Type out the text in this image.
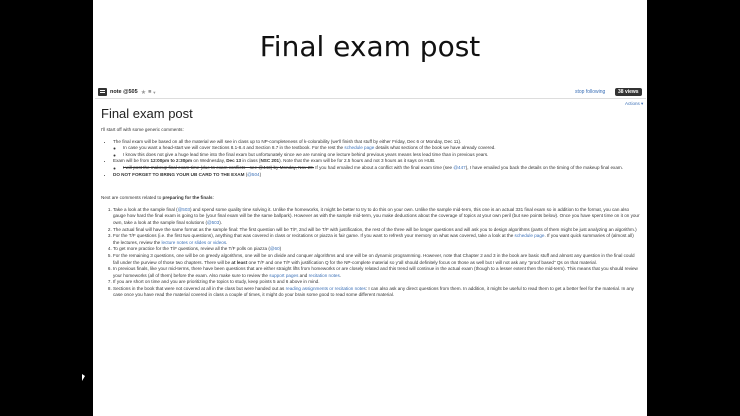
Final exam post
note @505 ★ ■ ▼	stop following	38 views
Actions ▾
Final exam post

I'll start off with some generic comments:

• The final exam will be based on all the material we will see in class up to NP-completeness of k-colorability (we'll finish that stuff by either Friday, Dec 6 or Monday, Dec 11).
◦ In case you want a head-start we will cover Sections 8.1-8.4 and Section 8.7 in the textbook. For the rest the schedule page details what sections of the book we have already covered.
◦ I know this does not give a huge lead time into the final exam but unfortunately since we are running one lecture behind previous years means less lead time than in previous years.
• Exam will be from 12:00pm to 2:30pm on Wednesday, Dec 13 in class (NSC 201). Note that the exam will be for 2.5 hours and not 3 hours as it says on HUB.
◦ I will post the makeup final exam time (due to exam conflicts-- see @443) by Monday, Nov 20. If you had emailed me about a conflict with the final exam time (see @447), I have emailed you back the details on the timing of the makeup final exam.
• DO NOT FORGET TO BRING YOUR UB CARD TO THE EXAM (@504)

Next are comments related to preparing for the finals:

1. Take a look at the sample final (@503) and spend some quality time solving it. Unlike the homeworks, it might be better to try to do this on your own. Unlike the sample mid-term, this one is an actual 331 final exam so in addition to the format, you can also gauge how hard the final exam is going to be (your final exam will be the same ballpark). However as with the sample mid-term, you make deductions about the coverage of topics at your own peril (but see points below). Once you have spent time on it on your own, take a look at the sample final solutions (@503).
2. The actual final will have the same format as the sample final: The first question will be T/F, 2nd will be T/F with justification, the rest of the three will be longer questions and will ask you to design algorithms (parts of them might be just analyzing an algorithm.)
3. For the T/F questions (i.e. the first two questions), anything that was covered in class or recitations or piazza is fair game. If you want to refresh your memory on what was covered, take a look at the schedule page. If you want quick summaries of (almost all) the lectures, review the lecture notes or slides or videos.
4. To get more practice for the T/F questions, review all the T/F polls on piazza (@60)
5. For the remaining 3 questions, one will be on greedy algorithms, one will be on divide and conquer algorithms and one will be on dynamic programming. However, note that Chapter 2 and 3 in the book are basic stuff and almost any question in the final could fall under the purview of those two chapters. There will be at least one T/F and one T/F with justification Q for the NP-complete material so y'all should definitely focus on those as well but I will not ask any "proof based" Qs on that material.
6. In previous finals, like your mid-terms, there have been questions that are either straight lifts from homeworks or are closely related and this trend will continue in the actual exam (though to a lesser extent then the mid-term). This means that you should review your homeworks (all of them) before the exam. Also make sure to review the support pages and recitation notes.
7. If you are short on time and you are prioritizing the topics to study, keep points 5 and 6 above in mind.
8. Sections in the book that were not covered at all in the class but were handed out as reading assignments or recitation notes: I can also ask any direct questions from them. In addition, it might be useful to read them to get a better feel for the material. In any case once you have read the material covered in class a couple of times, it might do your brain some good to read some different material.
